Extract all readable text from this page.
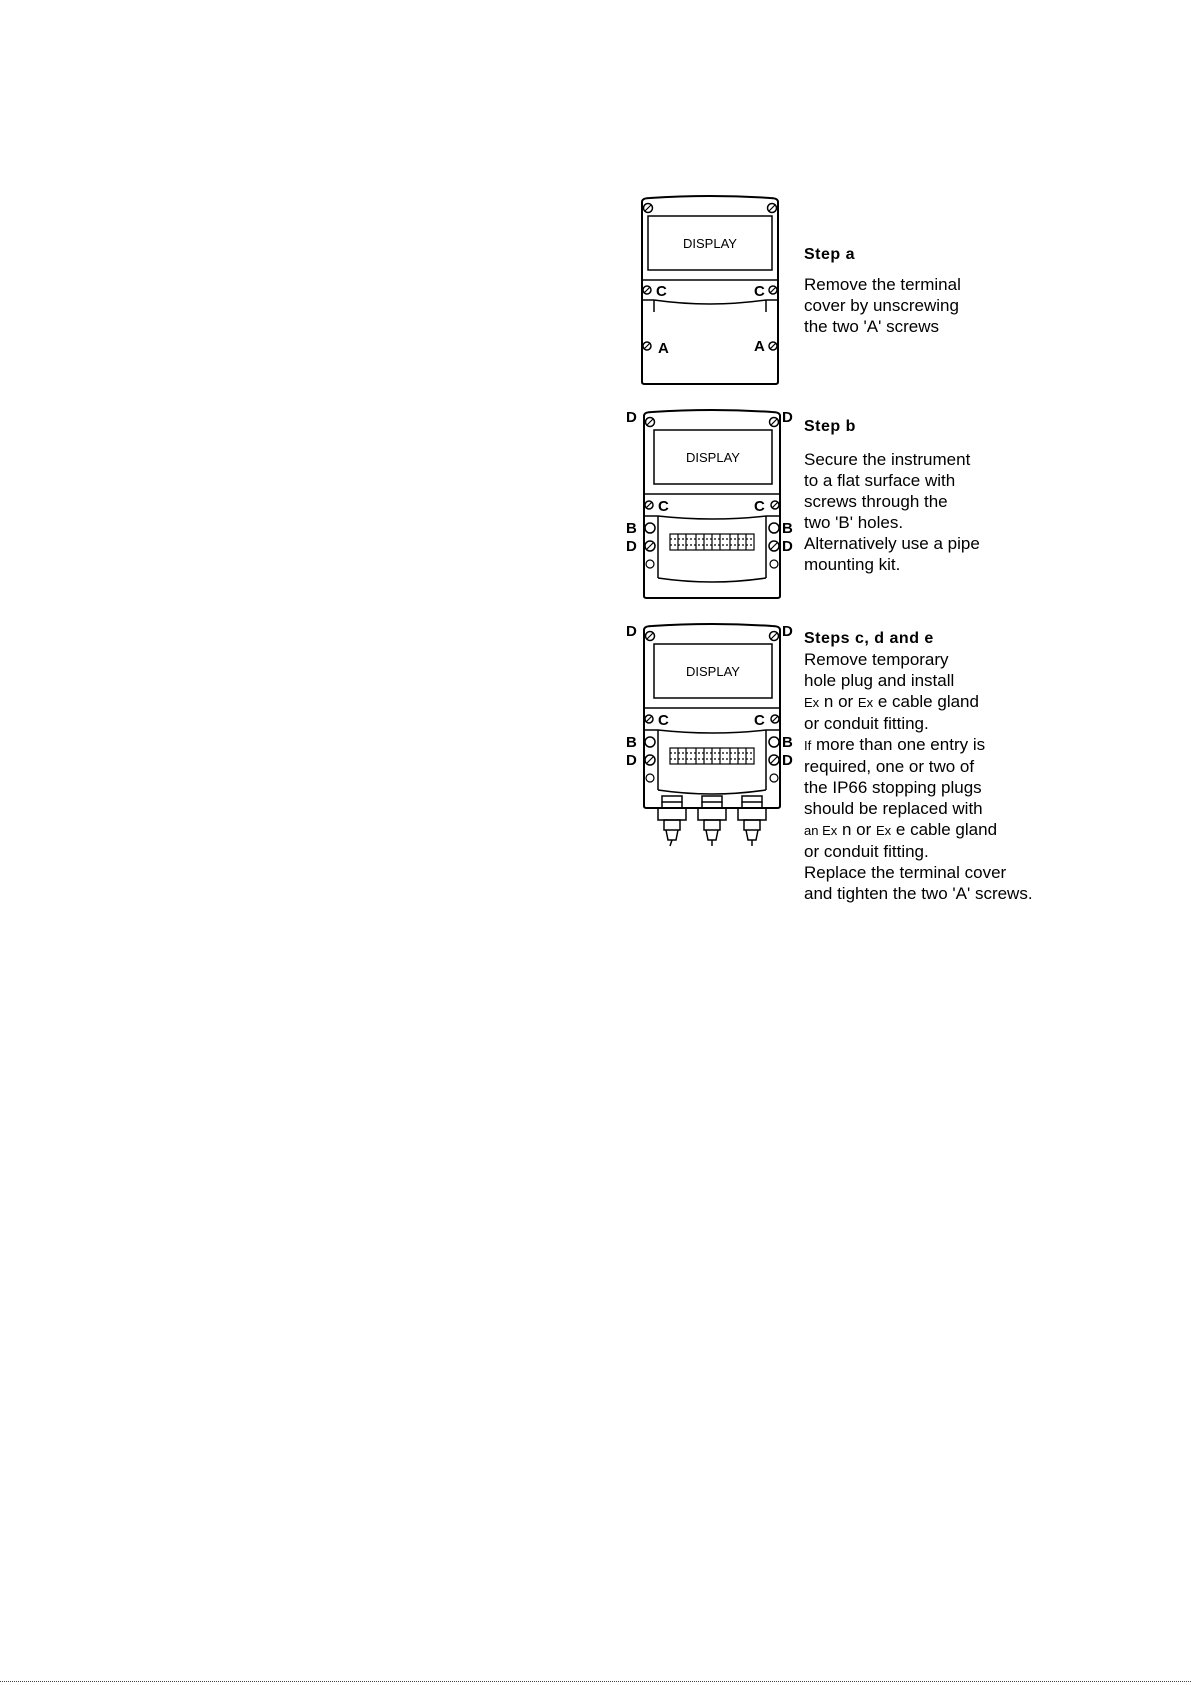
DISPLAY
C	C
A	A
Step a
Remove the terminal
cover by unscrewing
the two 'A' screws
D	D
DISPLAY
C	C
B	B
D	D
Step b
Secure the instrument
to a flat surface with
screws through the
two 'B' holes.
Alternatively use a pipe
mounting kit.
D	D
DISPLAY
C	C
B	B
D	D
Steps c, d and e
Remove temporary
hole plug and install
Ex n or Ex e cable gland
or conduit fitting.
If more than one entry is
required, one or two of
the IP66 stopping plugs
should be replaced with
an Ex n or Ex e cable gland
or conduit fitting.
Replace the terminal cover
and tighten the two 'A' screws.
